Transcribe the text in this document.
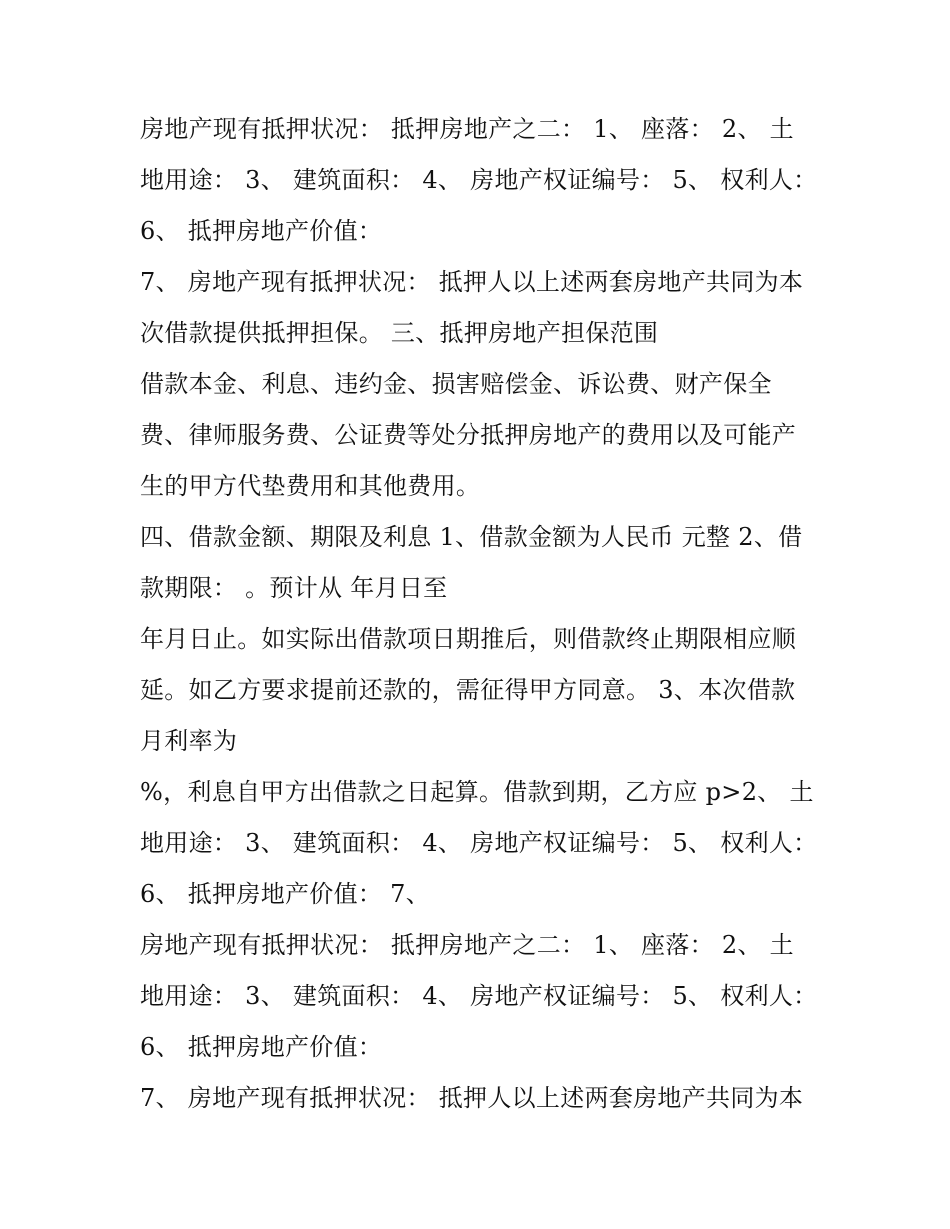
房地产现有抵押状况： 抵押房地产之二： 1、 座落： 2、 土
地用途： 3、 建筑面积： 4、 房地产权证编号： 5、 权利人：
6、 抵押房地产价值：
7、 房地产现有抵押状况： 抵押人以上述两套房地产共同为本
次借款提供抵押担保。 三、抵押房地产担保范围
借款本金、利息、违约金、损害赔偿金、诉讼费、财产保全
费、律师服务费、公证费等处分抵押房地产的费用以及可能产
生的甲方代垫费用和其他费用。
四、借款金额、期限及利息 1、借款金额为人民币 元整 2、借
款期限： 。预计从 年月日至
年月日止。如实际出借款项日期推后，则借款终止期限相应顺
延。如乙方要求提前还款的，需征得甲方同意。 3、本次借款
月利率为
%，利息自甲方出借款之日起算。借款到期，乙方应 p>2、 土
地用途： 3、 建筑面积： 4、 房地产权证编号： 5、 权利人：
6、 抵押房地产价值： 7、
房地产现有抵押状况： 抵押房地产之二： 1、 座落： 2、 土
地用途： 3、 建筑面积： 4、 房地产权证编号： 5、 权利人：
6、 抵押房地产价值：
7、 房地产现有抵押状况： 抵押人以上述两套房地产共同为本
